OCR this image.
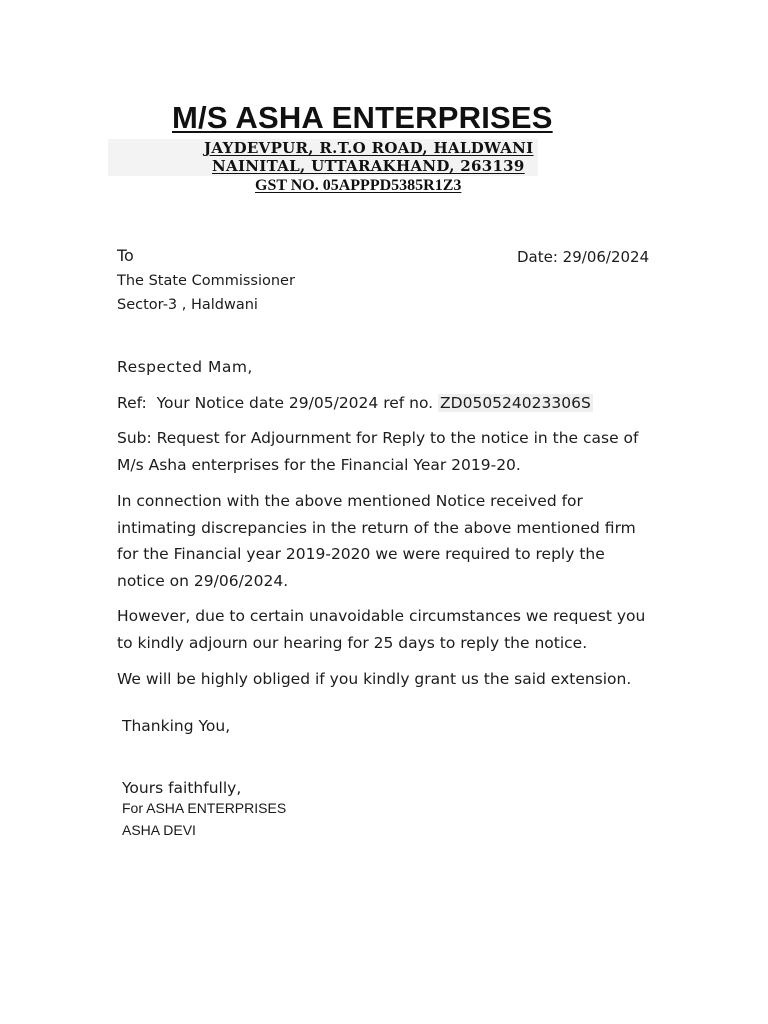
M/S ASHA ENTERPRISES
JAYDEVPUR, R.T.O ROAD, HALDWANI
NAINITAL, UTTARAKHAND, 263139
GST NO. 05APPPD5385R1Z3
To	Date: 29/06/2024
The State Commissioner
Sector-3 , Haldwani
Respected Mam,
Ref:  Your Notice date 29/05/2024 ref no. ZD050524023306S
Sub: Request for Adjournment for Reply to the notice in the case of M/s Asha enterprises for the Financial Year 2019-20.
In connection with the above mentioned Notice received for intimating discrepancies in the return of the above mentioned firm for the Financial year 2019-2020 we were required to reply the notice on 29/06/2024.
However, due to certain unavoidable circumstances we request you to kindly adjourn our hearing for 25 days to reply the notice.
We will be highly obliged if you kindly grant us the said extension.
Thanking You,
Yours faithfully,
For ASHA ENTERPRISES
ASHA DEVI
